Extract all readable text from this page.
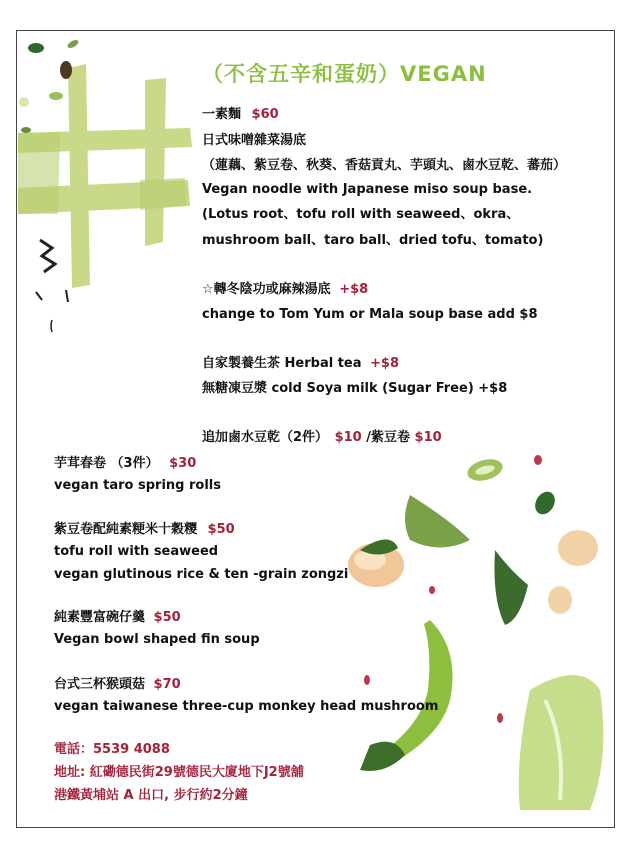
（不含五辛和蛋奶）VEGAN
一素麵 $60
日式味噌雜菜湯底
（蓮藕、紫豆卷、秋葵、香菇貢丸、芋頭丸、鹵水豆乾、蕃茄）
Vegan noodle with Japanese miso soup base.
(Lotus root、tofu roll with seaweed、okra、
mushroom ball、taro ball、dried tofu、tomato)
☆轉冬陰功或麻辣湯底 +$8
change to Tom Yum or Mala soup base add $8
自家製養生茶 Herbal tea +$8
無糖凍豆漿 cold Soya milk (Sugar Free) +$8
追加鹵水豆乾（2件） $10 /紫豆卷 $10
芋茸春卷 （3件） $30
vegan taro spring rolls
紫豆卷配純素粳米十穀糭 $50
tofu roll with seaweed
vegan glutinous rice & ten -grain zongzi
純素豐富碗仔羹 $50
Vegan bowl shaped fin soup
台式三杯猴頭菇 $70
vegan taiwanese three-cup monkey head mushroom
電話：5539 4088
地址: 紅磡德民街29號德民大廈地下J2號舖
港鐵黃埔站 A 出口, 步行約2分鐘
